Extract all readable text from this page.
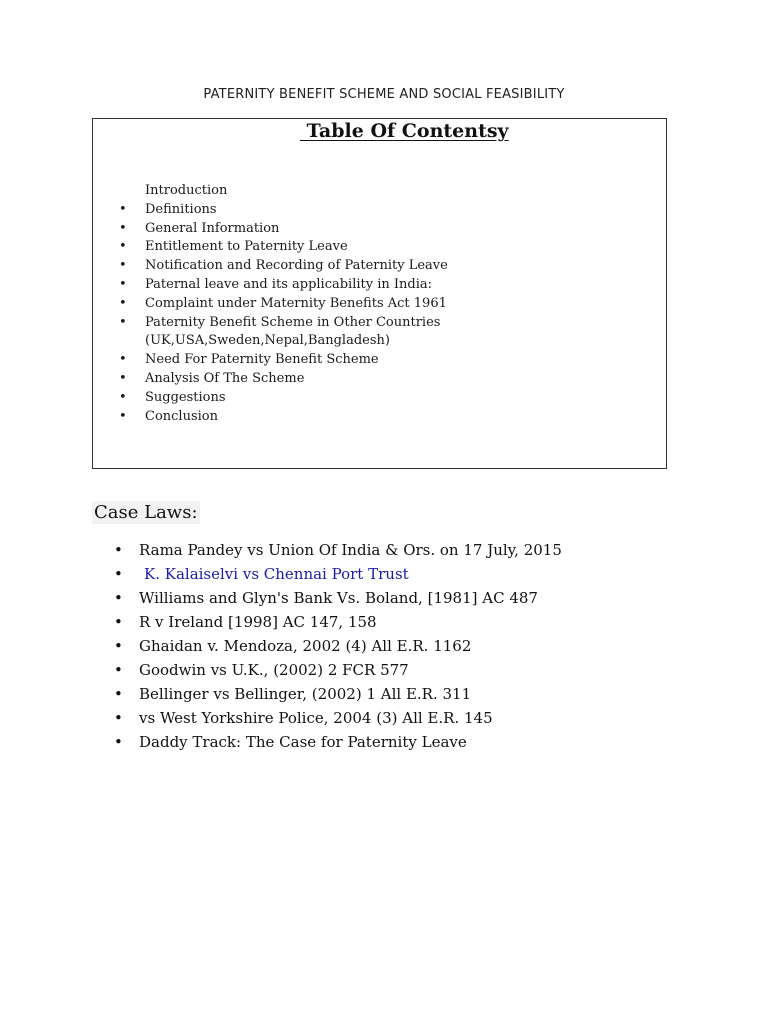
PATERNITY BENEFIT SCHEME AND SOCIAL FEASIBILITY
Table Of Contentsy
Introduction
• Definitions
• General Information
• Entitlement to Paternity Leave
• Notification and Recording of Paternity Leave
• Paternal leave and its applicability in India:
• Complaint under Maternity Benefits Act 1961
• Paternity Benefit Scheme in Other Countries
(UK,USA,Sweden,Nepal,Bangladesh)
• Need For Paternity Benefit Scheme
• Analysis Of The Scheme
• Suggestions
• Conclusion
Case Laws:
• Rama Pandey vs Union Of India & Ors. on 17 July, 2015
• K. Kalaiselvi vs Chennai Port Trust
• Williams and Glyn's Bank Vs. Boland, [1981] AC 487
• R v Ireland [1998] AC 147, 158
• Ghaidan v. Mendoza, 2002 (4) All E.R. 1162
• Goodwin vs U.K., (2002) 2 FCR 577
• Bellinger vs Bellinger, (2002) 1 All E.R. 311
• vs West Yorkshire Police, 2004 (3) All E.R. 145
• Daddy Track: The Case for Paternity Leave
